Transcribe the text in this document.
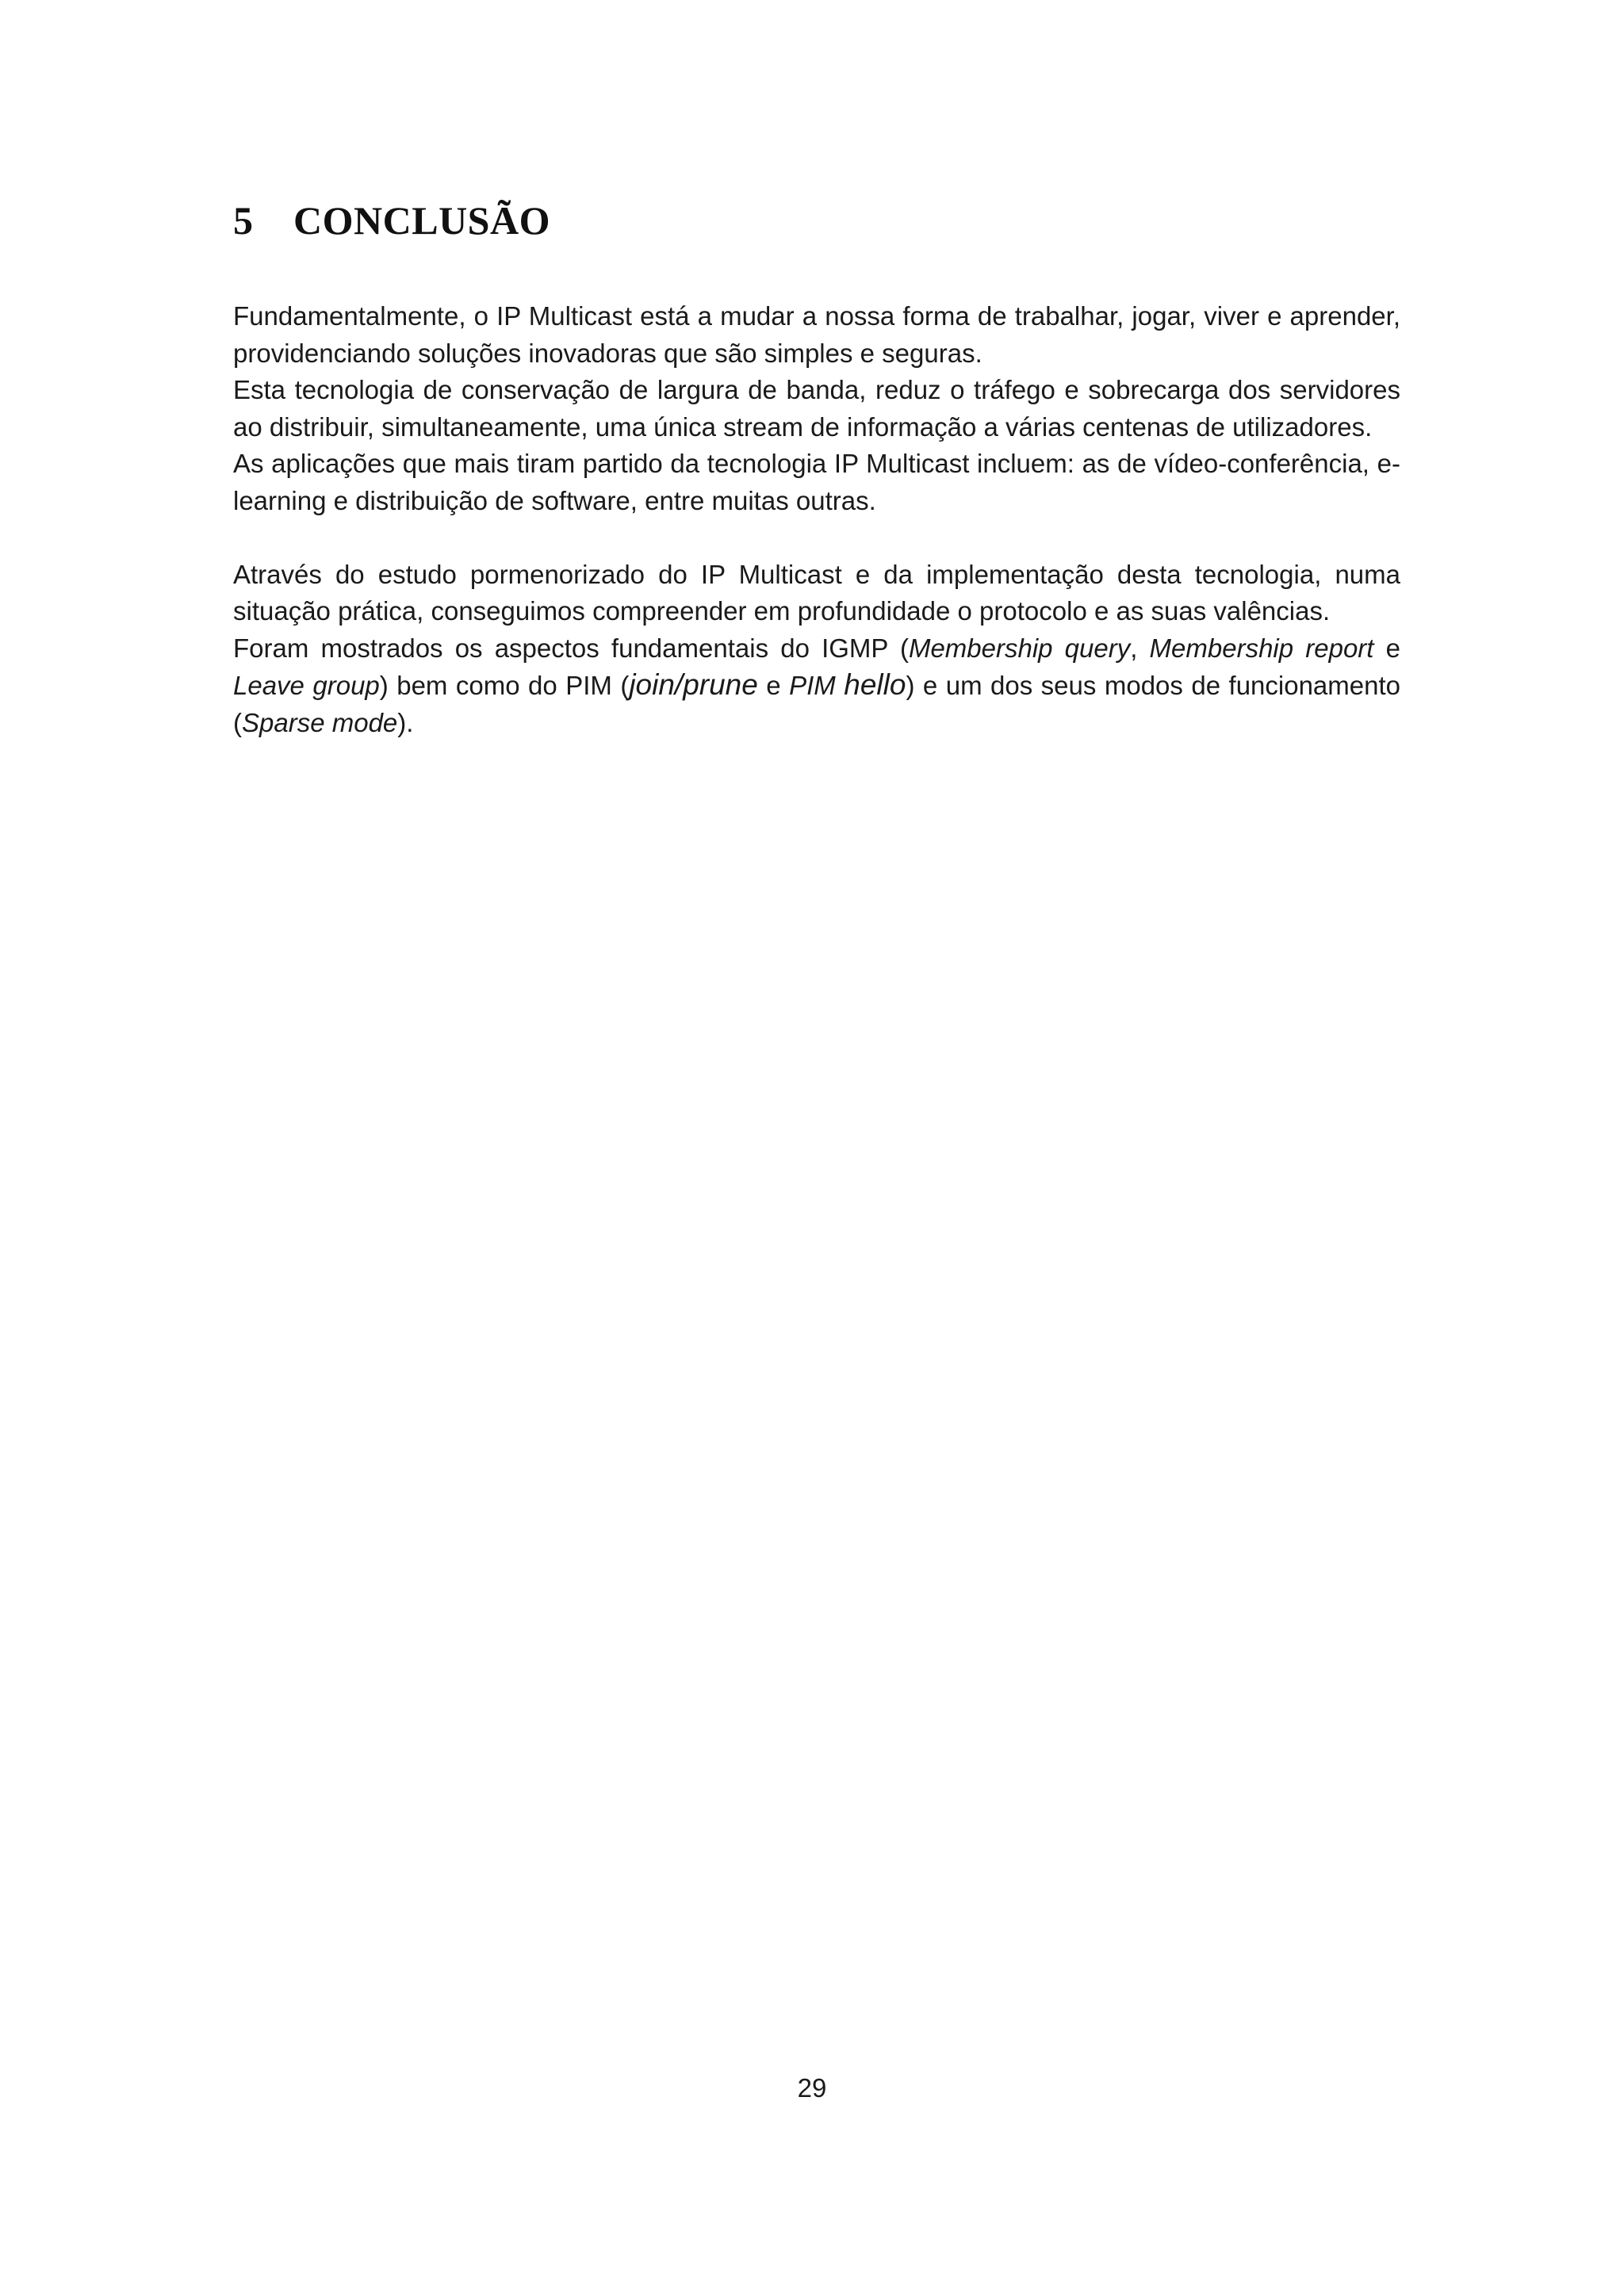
5 CONCLUSÃO

Fundamentalmente, o IP Multicast está a mudar a nossa forma de trabalhar, jogar, viver e aprender, providenciando soluções inovadoras que são simples e seguras.

Esta tecnologia de conservação de largura de banda, reduz o tráfego e sobrecarga dos servidores ao distribuir, simultaneamente, uma única stream de informação a várias centenas de utilizadores.

As aplicações que mais tiram partido da tecnologia IP Multicast incluem: as de vídeo-conferência, e-learning e distribuição de software, entre muitas outras.

Através do estudo pormenorizado do IP Multicast e da implementação desta tecnologia, numa situação prática, conseguimos compreender em profundidade o protocolo e as suas valências.

Foram mostrados os aspectos fundamentais do IGMP (Membership query, Membership report e Leave group) bem como do PIM (join/prune e PIM hello) e um dos seus modos de funcionamento (Sparse mode).

29
